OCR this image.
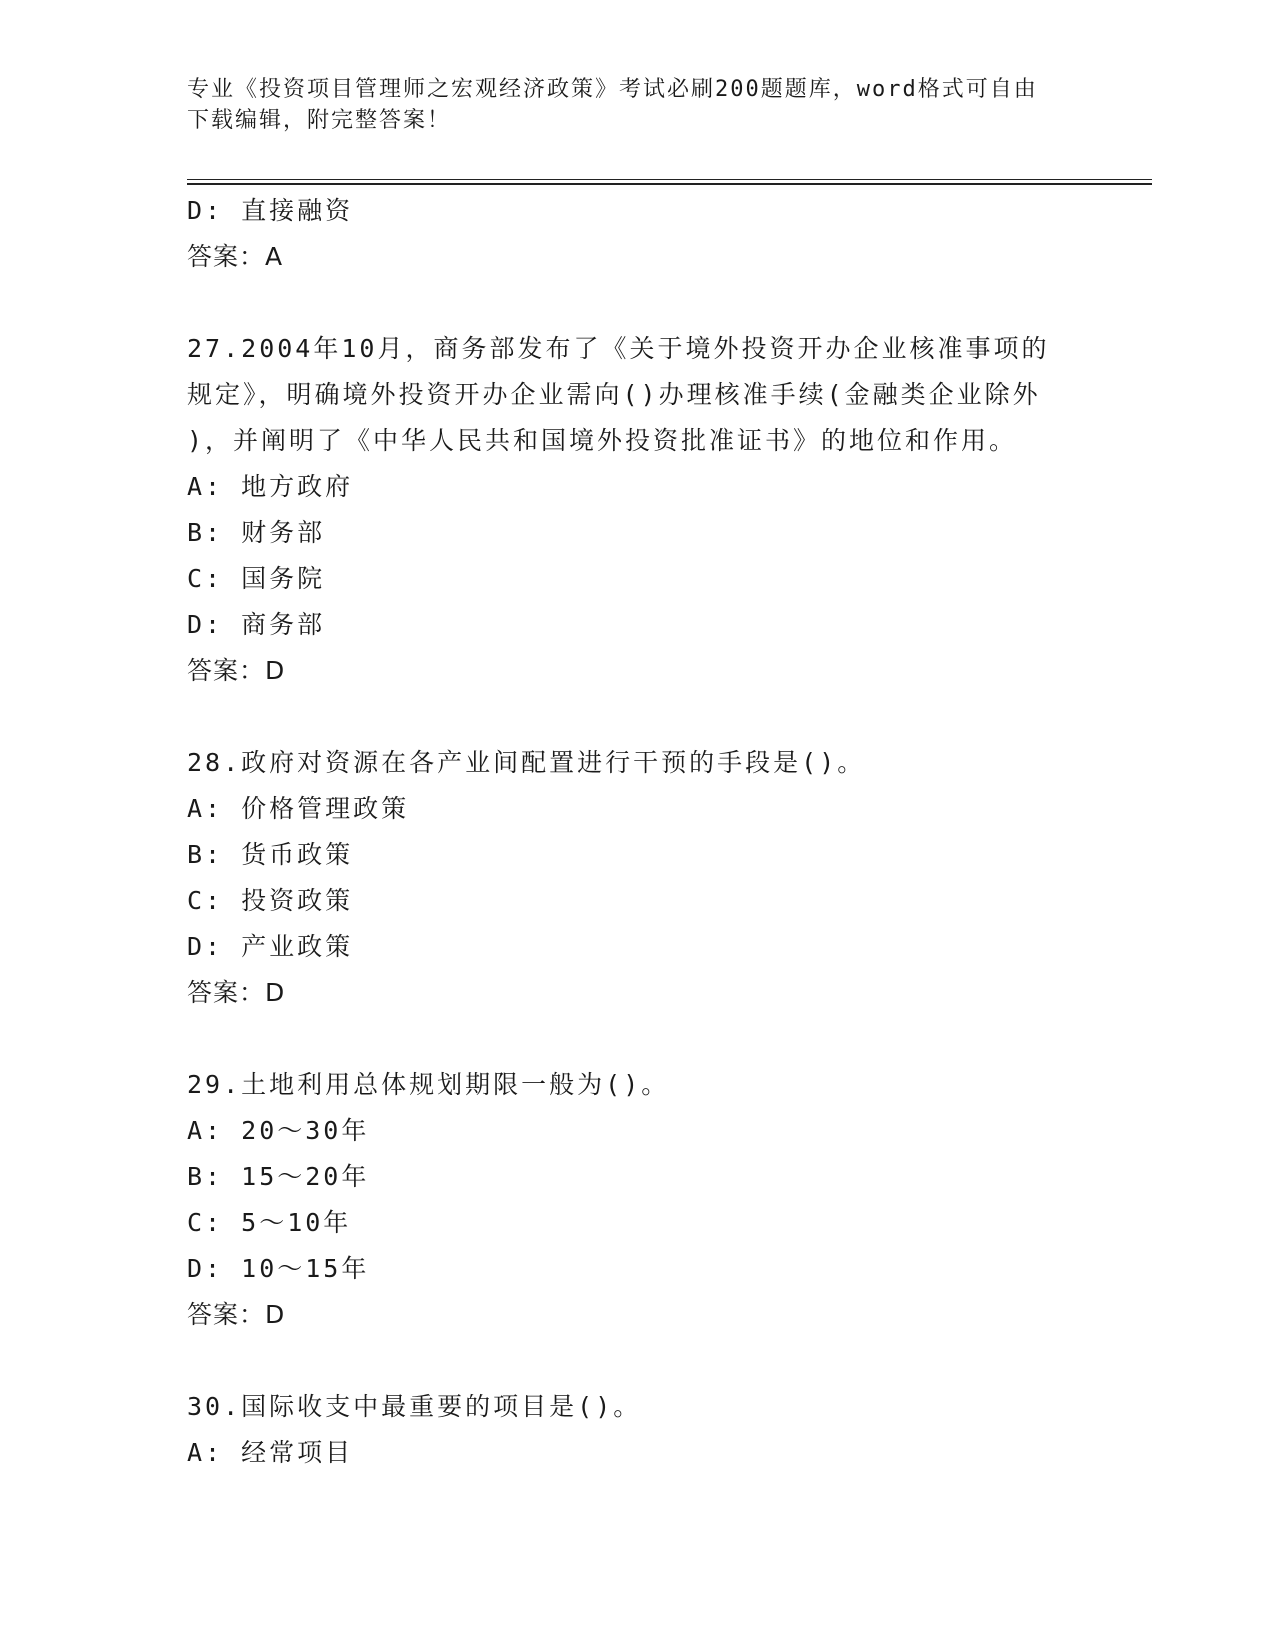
专业《投资项目管理师之宏观经济政策》考试必刷200题题库，word格式可自由
下载编辑，附完整答案！
D: 直接融资
答案：A
27.2004年10月，商务部发布了《关于境外投资开办企业核准事项的
规定》，明确境外投资开办企业需向()办理核准手续(金融类企业除外
)，并阐明了《中华人民共和国境外投资批准证书》的地位和作用。
A: 地方政府
B: 财务部
C: 国务院
D: 商务部
答案：D
28.政府对资源在各产业间配置进行干预的手段是()。
A: 价格管理政策
B: 货币政策
C: 投资政策
D: 产业政策
答案：D
29.土地利用总体规划期限一般为()。
A: 20～30年
B: 15～20年
C: 5～10年
D: 10～15年
答案：D
30.国际收支中最重要的项目是()。
A: 经常项目
